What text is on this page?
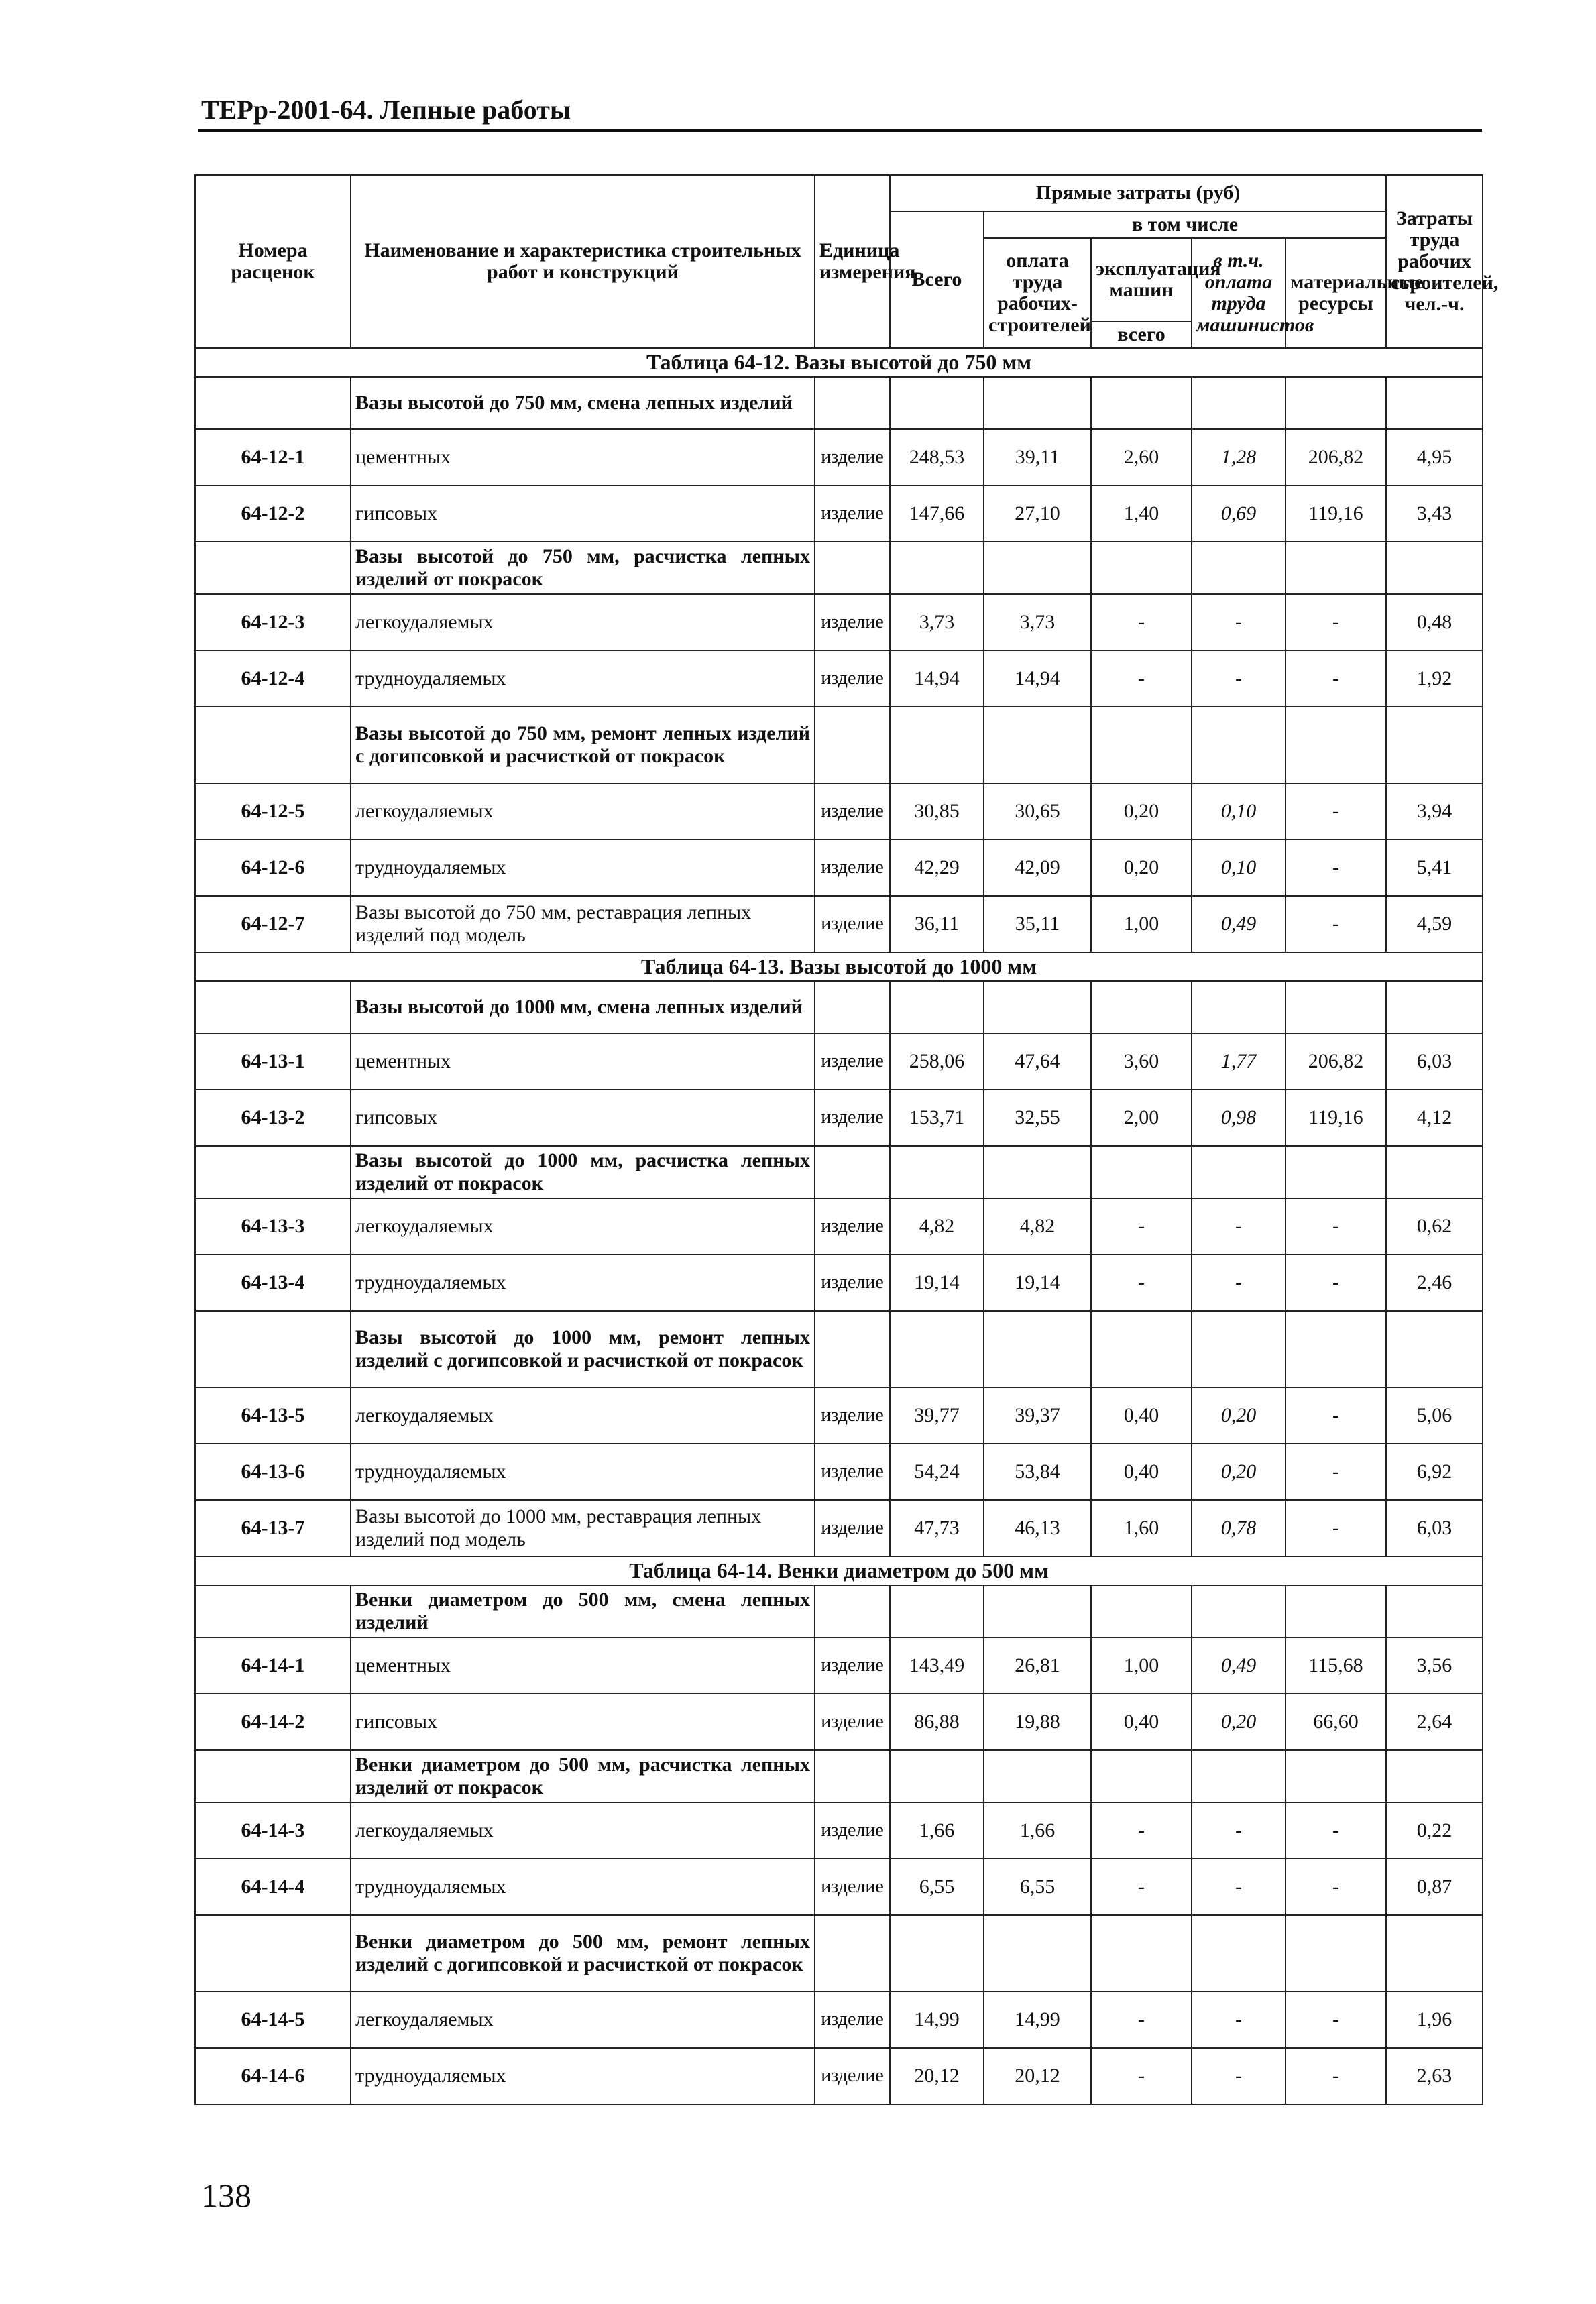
ТЕРр-2001-64. Лепные работы
Номера расценок	Наименование и характеристика строительных работ и конструкций	Единица измерения	Прямые затраты (руб)					Затраты труда рабочих строителей, чел.-ч.
			Всего	в том числе				
				оплата труда рабочих-строителей	эксплуатация машин	в т.ч. оплата труда машинистов	материальные ресурсы	
					всего			
Таблица 64-12. Вазы высотой до 750 мм								
	Вазы высотой до 750 мм, смена лепных изделий							
64-12-1	цементных	изделие	248,53	39,11	2,60	1,28	206,82	4,95
64-12-2	гипсовых	изделие	147,66	27,10	1,40	0,69	119,16	3,43
	Вазы высотой до 750 мм, расчистка лепных изделий от покрасок							
64-12-3	легкоудаляемых	изделие	3,73	3,73	-	-	-	0,48
64-12-4	трудноудаляемых	изделие	14,94	14,94	-	-	-	1,92
	Вазы высотой до 750 мм, ремонт лепных изделий с догипсовкой и расчисткой от покрасок							
64-12-5	легкоудаляемых	изделие	30,85	30,65	0,20	0,10	-	3,94
64-12-6	трудноудаляемых	изделие	42,29	42,09	0,20	0,10	-	5,41
64-12-7	Вазы высотой до 750 мм, реставрация лепных изделий под модель	изделие	36,11	35,11	1,00	0,49	-	4,59
Таблица 64-13. Вазы высотой до 1000 мм								
	Вазы высотой до 1000 мм, смена лепных изделий							
64-13-1	цементных	изделие	258,06	47,64	3,60	1,77	206,82	6,03
64-13-2	гипсовых	изделие	153,71	32,55	2,00	0,98	119,16	4,12
	Вазы высотой до 1000 мм, расчистка лепных изделий от покрасок							
64-13-3	легкоудаляемых	изделие	4,82	4,82	-	-	-	0,62
64-13-4	трудноудаляемых	изделие	19,14	19,14	-	-	-	2,46
	Вазы высотой до 1000 мм, ремонт лепных изделий с догипсовкой и расчисткой от покрасок							
64-13-5	легкоудаляемых	изделие	39,77	39,37	0,40	0,20	-	5,06
64-13-6	трудноудаляемых	изделие	54,24	53,84	0,40	0,20	-	6,92
64-13-7	Вазы высотой до 1000 мм, реставрация лепных изделий под модель	изделие	47,73	46,13	1,60	0,78	-	6,03
Таблица 64-14. Венки диаметром до 500 мм								
	Венки диаметром до 500 мм, смена лепных изделий							
64-14-1	цементных	изделие	143,49	26,81	1,00	0,49	115,68	3,56
64-14-2	гипсовых	изделие	86,88	19,88	0,40	0,20	66,60	2,64
	Венки диаметром до 500 мм, расчистка лепных изделий от покрасок							
64-14-3	легкоудаляемых	изделие	1,66	1,66	-	-	-	0,22
64-14-4	трудноудаляемых	изделие	6,55	6,55	-	-	-	0,87
	Венки диаметром до 500 мм, ремонт лепных изделий с догипсовкой и расчисткой от покрасок							
64-14-5	легкоудаляемых	изделие	14,99	14,99	-	-	-	1,96
64-14-6	трудноудаляемых	изделие	20,12	20,12	-	-	-	2,63
138
